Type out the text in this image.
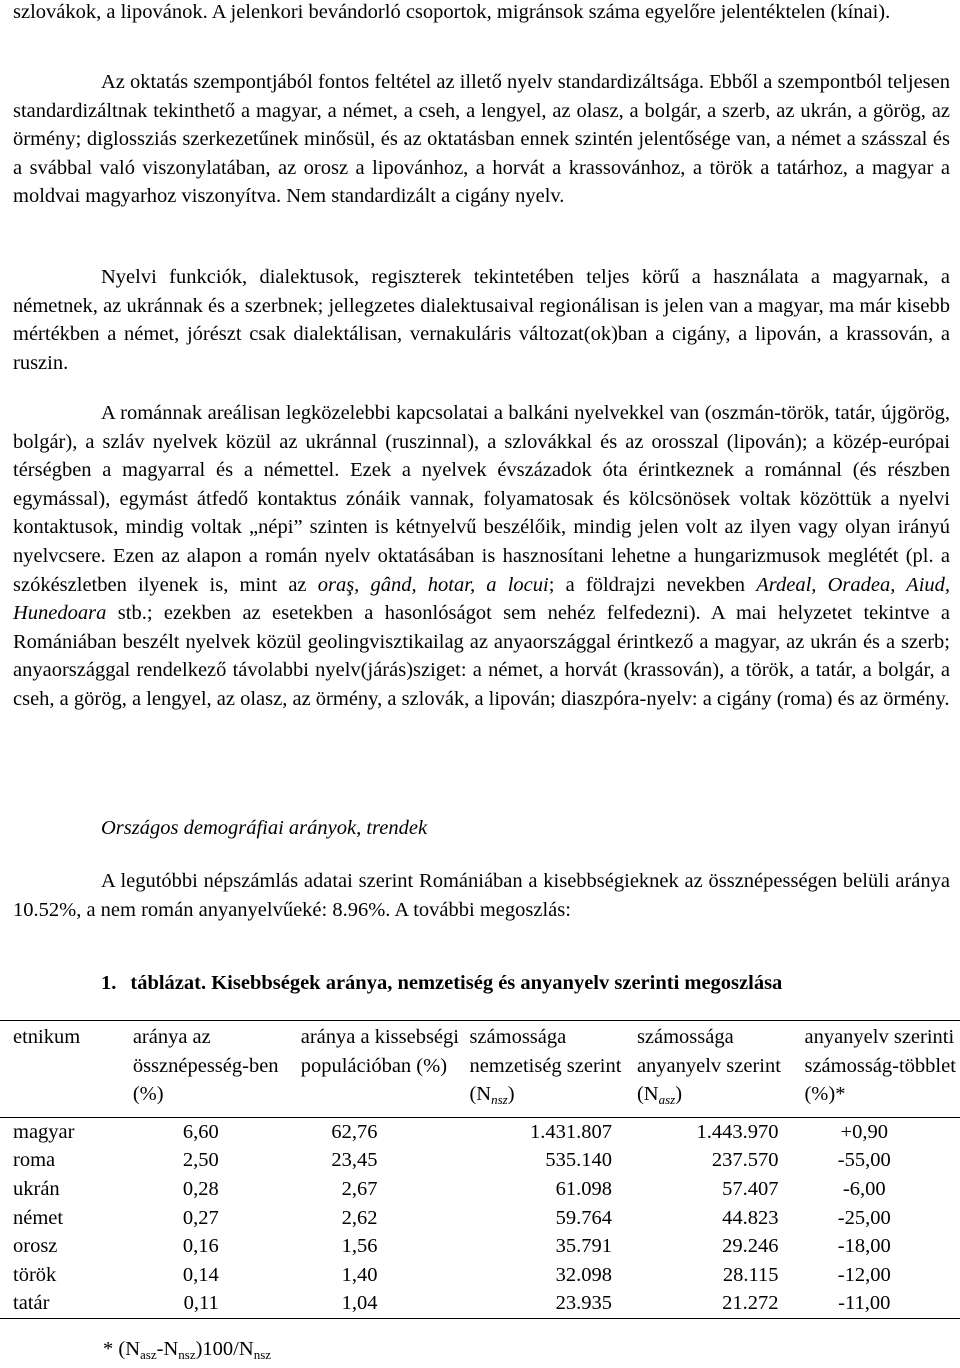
szlovákok, a lipovánok. A jelenkori bevándorló csoportok, migránsok száma egyelőre jelentéktelen (kínai).

Az oktatás szempontjából fontos feltétel az illető nyelv standardizáltsága. Ebből a szempontból teljesen standardizáltnak tekinthető a magyar, a német, a cseh, a lengyel, az olasz, a bolgár, a szerb, az ukrán, a görög, az örmény; diglossziás szerkezetűnek minősül, és az oktatásban ennek szintén jelentősége van, a német a szásszal és a svábbal való viszonylatában, az orosz a lipovánhoz, a horvát a krassovánhoz, a török a tatárhoz, a magyar a moldvai magyarhoz viszonyítva. Nem standardizált a cigány nyelv.

Nyelvi funkciók, dialektusok, regiszterek tekintetében teljes körű a használata a magyarnak, a németnek, az ukránnak és a szerbnek; jellegzetes dialektusaival regionálisan is jelen van a magyar, ma már kisebb mértékben a német, jórészt csak dialektálisan, vernakuláris változat(ok)ban a cigány, a lipován, a krassován, a ruszin.

A románnak areálisan legközelebbi kapcsolatai a balkáni nyelvekkel van (oszmán-török, tatár, újgörög, bolgár), a szláv nyelvek közül az ukránnal (ruszinnal), a szlovákkal és az orosszal (lipován); a közép-európai térségben a magyarral és a némettel. Ezek a nyelvek évszázadok óta érintkeznek a románnal (és részben egymással), egymást átfedő kontaktus zónáik vannak, folyamatosak és kölcsönösek voltak közöttük a nyelvi kontaktusok, mindig voltak „népi” szinten is kétnyelvű beszélőik, mindig jelen volt az ilyen vagy olyan irányú nyelvcsere. Ezen az alapon a román nyelv oktatásában is hasznosítani lehetne a hungarizmusok meglétét (pl. a szókészletben ilyenek is, mint az oraş, gând, hotar, a locui; a földrajzi nevekben Ardeal, Oradea, Aiud, Hunedoara stb.; ezekben az esetekben a hasonlóságot sem nehéz felfedezni). A mai helyzetet tekintve a Romániában beszélt nyelvek közül geolingvisztikailag az anyaországgal érintkező a magyar, az ukrán és a szerb; anyaországgal rendelkező távolabbi nyelv(járás)sziget: a német, a horvát (krassován), a török, a tatár, a bolgár, a cseh, a görög, a lengyel, az olasz, az örmény, a szlovák, a lipován; diaszpóra-nyelv: a cigány (roma) és az örmény.

Országos demográfiai arányok, trendek

A legutóbbi népszámlás adatai szerint Romániában a kisebbségieknek az össznépességen belüli aránya 10.52%, a nem román anyanyelvűeké: 8.96%. A további megoszlás:

1. táblázat. Kisebbségek aránya, nemzetiség és anyanyelv szerinti megoszlása
etnikum	aránya az össznépesség-ben (%)	aránya a kissebségi populációban (%)	számossága nemzetiség szerint $(N_{nsz})$	számossága anyanyelv szerint $(N_{asz})$	anyanyelv szerinti számosság-többlet (%)*
magyar	6,60	62,76	1.431.807	1.443.970	+0,90
roma	2,50	23,45	535.140	237.570	-55,00
ukrán	0,28	2,67	61.098	57.407	-6,00
német	0,27	2,62	59.764	44.823	-25,00
orosz	0,16	1,56	35.791	29.246	-18,00
török	0,14	1,40	32.098	28.115	-12,00
tatár	0,11	1,04	23.935	21.272	-11,00
* $(N_{asz}-N_{nsz})100/N_{nsz}$
